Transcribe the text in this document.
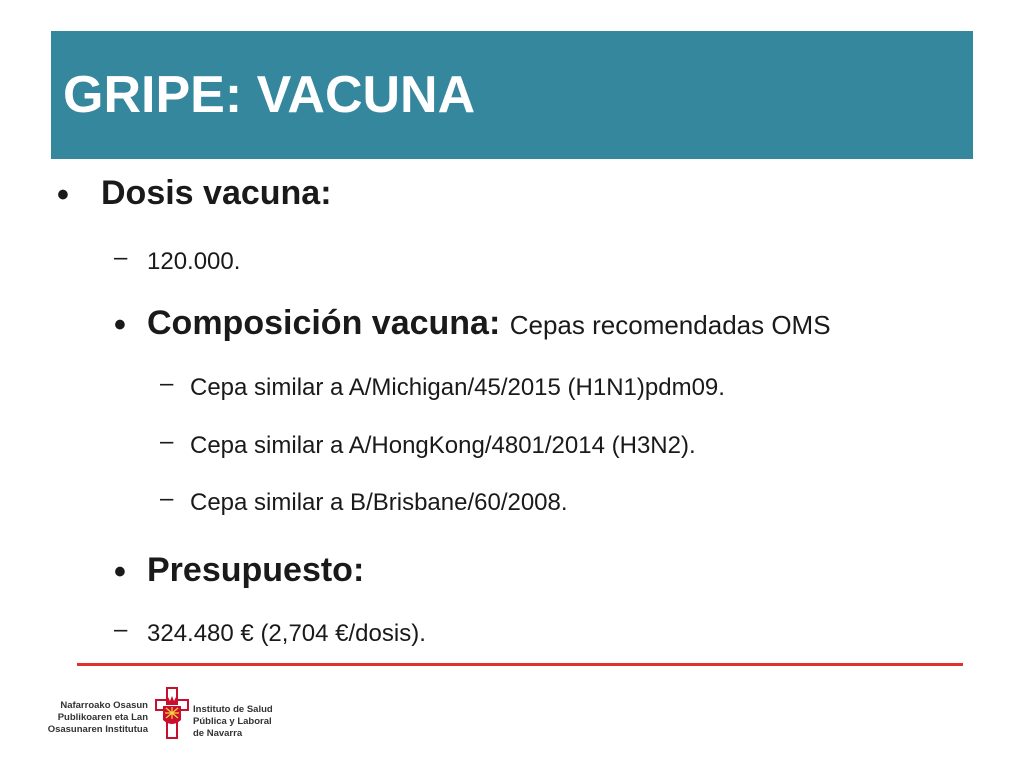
GRIPE: VACUNA
• Dosis vacuna:
– 120.000.
• Composición vacuna: Cepas recomendadas OMS
– Cepa similar a A/Michigan/45/2015 (H1N1)pdm09.
– Cepa similar a A/HongKong/4801/2014 (H3N2).
– Cepa similar a B/Brisbane/60/2008.
• Presupuesto:
– 324.480 € (2,704 €/dosis).
Nafarroako Osasun
Publikoaren eta Lan
Osasunaren Institutua
Instituto de Salud
Pública y Laboral
de Navarra
